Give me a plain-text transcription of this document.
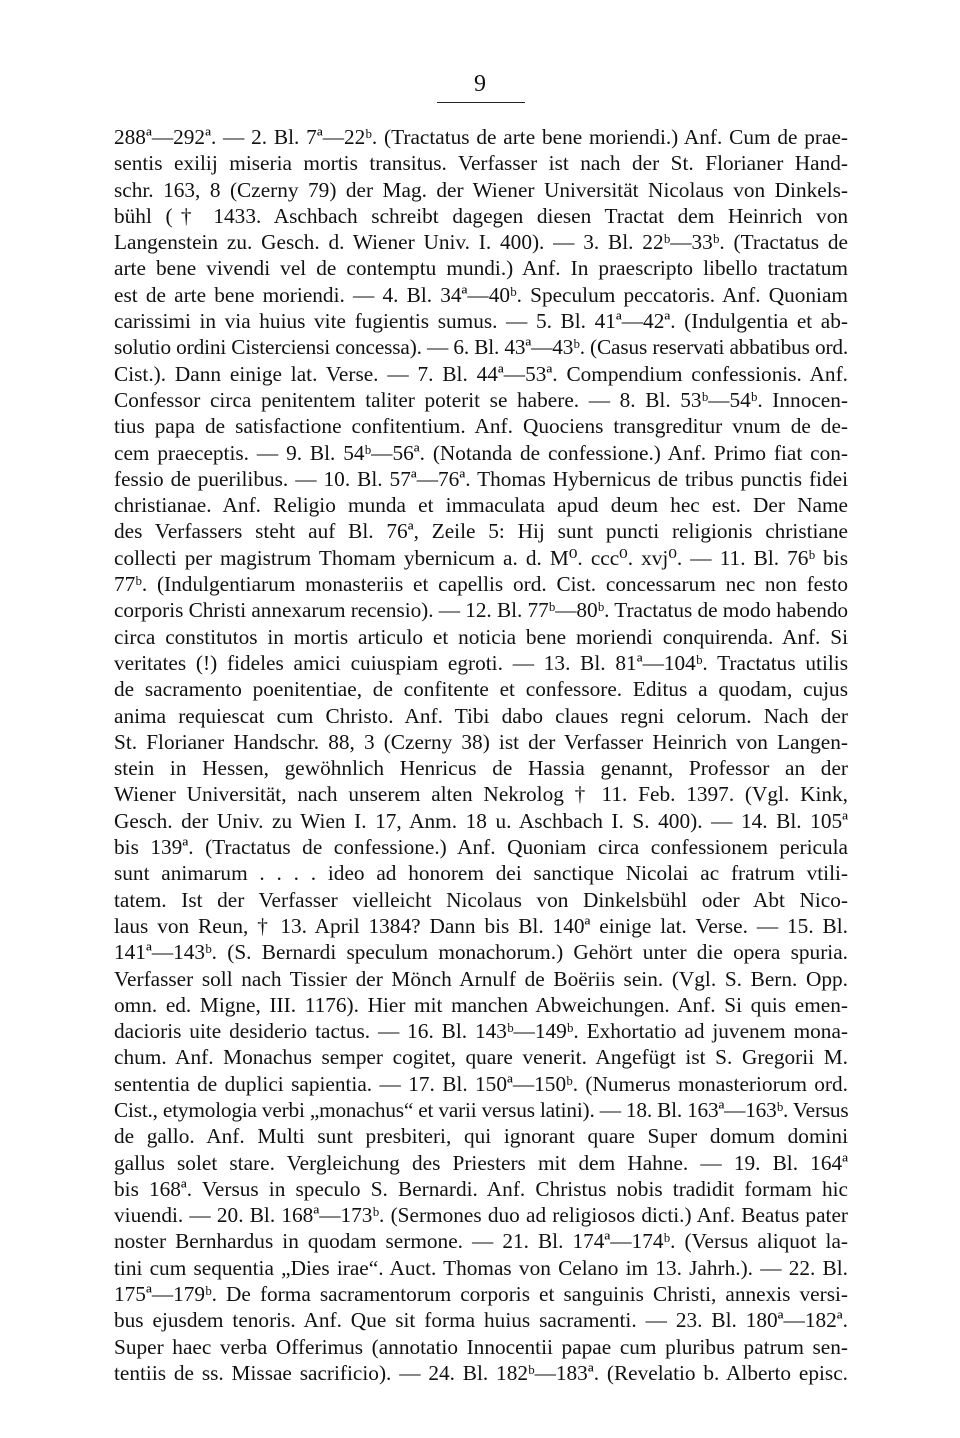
9
288ª—292ª. — 2. Bl. 7ª—22ᵇ. (Tractatus de arte bene moriendi.) Anf. Cum de prae-
sentis exilij miseria mortis transitus. Verfasser ist nach der St. Florianer Hand-
schr. 163, 8 (Czerny 79) der Mag. der Wiener Universität Nicolaus von Dinkels-
bühl († 1433. Aschbach schreibt dagegen diesen Tractat dem Heinrich von
Langenstein zu. Gesch. d. Wiener Univ. I. 400). — 3. Bl. 22ᵇ—33ᵇ. (Tractatus de
arte bene vivendi vel de contemptu mundi.) Anf. In praescripto libello tractatum
est de arte bene moriendi. — 4. Bl. 34ª—40ᵇ. Speculum peccatoris. Anf. Quoniam
carissimi in via huius vite fugientis sumus. — 5. Bl. 41ª—42ª. (Indulgentia et ab-
solutio ordini Cisterciensi concessa). — 6. Bl. 43ª—43ᵇ. (Casus reservati abbatibus ord.
Cist.). Dann einige lat. Verse. — 7. Bl. 44ª—53ª. Compendium confessionis. Anf.
Confessor circa penitentem taliter poterit se habere. — 8. Bl. 53ᵇ—54ᵇ. Innocen-
tius papa de satisfactione confitentium. Anf. Quociens transgreditur vnum de de-
cem praeceptis. — 9. Bl. 54ᵇ—56ª. (Notanda de confessione.) Anf. Primo fiat con-
fessio de puerilibus. — 10. Bl. 57ª—76ª. Thomas Hybernicus de tribus punctis fidei
christianae. Anf. Religio munda et immaculata apud deum hec est. Der Name
des Verfassers steht auf Bl. 76ª, Zeile 5: Hij sunt puncti religionis christiane
collecti per magistrum Thomam ybernicum a. d. M⁰. ccc⁰. xvj⁰. — 11. Bl. 76ᵇ bis
77ᵇ. (Indulgentiarum monasteriis et capellis ord. Cist. concessarum nec non festo
corporis Christi annexarum recensio). — 12. Bl. 77ᵇ—80ᵇ. Tractatus de modo habendo
circa constitutos in mortis articulo et noticia bene moriendi conquirenda. Anf. Si
veritates (!) fideles amici cuiuspiam egroti. — 13. Bl. 81ª—104ᵇ. Tractatus utilis
de sacramento poenitentiae, de confitente et confessore. Editus a quodam, cujus
anima requiescat cum Christo. Anf. Tibi dabo claues regni celorum. Nach der
St. Florianer Handschr. 88, 3 (Czerny 38) ist der Verfasser Heinrich von Langen-
stein in Hessen, gewöhnlich Henricus de Hassia genannt, Professor an der
Wiener Universität, nach unserem alten Nekrolog † 11. Feb. 1397. (Vgl. Kink,
Gesch. der Univ. zu Wien I. 17, Anm. 18 u. Aschbach I. S. 400). — 14. Bl. 105ª
bis 139ª. (Tractatus de confessione.) Anf. Quoniam circa confessionem pericula
sunt animarum . . . . ideo ad honorem dei sanctique Nicolai ac fratrum vtili-
tatem. Ist der Verfasser vielleicht Nicolaus von Dinkelsbühl oder Abt Nico-
laus von Reun, † 13. April 1384? Dann bis Bl. 140ª einige lat. Verse. — 15. Bl.
141ª—143ᵇ. (S. Bernardi speculum monachorum.) Gehört unter die opera spuria.
Verfasser soll nach Tissier der Mönch Arnulf de Boëriis sein. (Vgl. S. Bern. Opp.
omn. ed. Migne, III. 1176). Hier mit manchen Abweichungen. Anf. Si quis emen-
dacioris uite desiderio tactus. — 16. Bl. 143ᵇ—149ᵇ. Exhortatio ad juvenem mona-
chum. Anf. Monachus semper cogitet, quare venerit. Angefügt ist S. Gregorii M.
sententia de duplici sapientia. — 17. Bl. 150ª—150ᵇ. (Numerus monasteriorum ord.
Cist., etymologia verbi „monachus“ et varii versus latini). — 18. Bl. 163ª—163ᵇ. Versus
de gallo. Anf. Multi sunt presbiteri, qui ignorant quare Super domum domini
gallus solet stare. Vergleichung des Priesters mit dem Hahne. — 19. Bl. 164ª
bis 168ª. Versus in speculo S. Bernardi. Anf. Christus nobis tradidit formam hic
viuendi. — 20. Bl. 168ª—173ᵇ. (Sermones duo ad religiosos dicti.) Anf. Beatus pater
noster Bernhardus in quodam sermone. — 21. Bl. 174ª—174ᵇ. (Versus aliquot la-
tini cum sequentia „Dies irae“. Auct. Thomas von Celano im 13. Jahrh.). — 22. Bl.
175ª—179ᵇ. De forma sacramentorum corporis et sanguinis Christi, annexis versi-
bus ejusdem tenoris. Anf. Que sit forma huius sacramenti. — 23. Bl. 180ª—182ª.
Super haec verba Offerimus (annotatio Innocentii papae cum pluribus patrum sen-
tentiis de ss. Missae sacrificio). — 24. Bl. 182ᵇ—183ª. (Revelatio b. Alberto episc.
